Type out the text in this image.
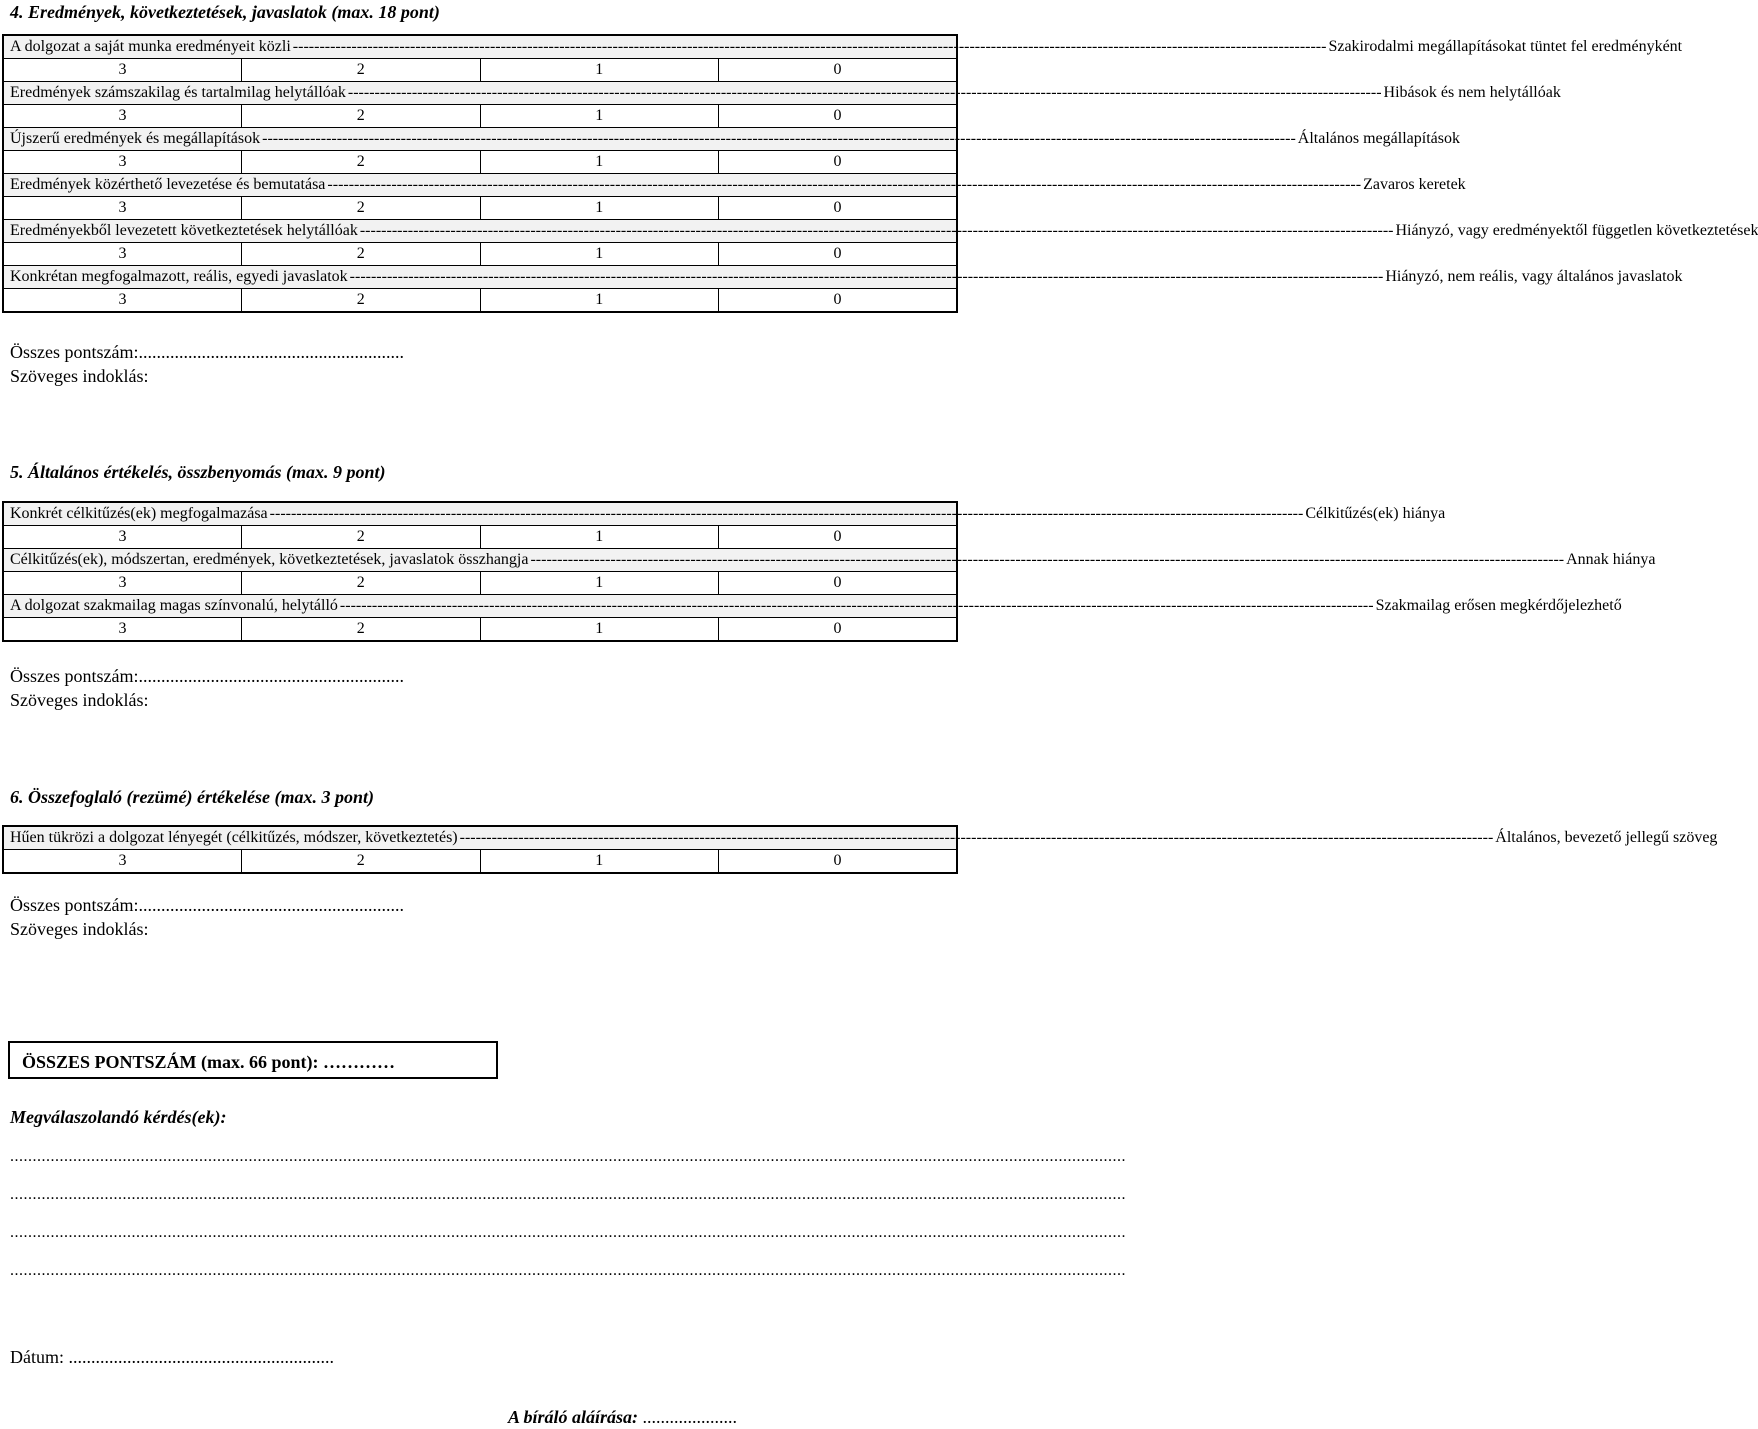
4. Eredmények, következtetések, javaslatok (max. 18 pont)
A dolgozat a saját munka eredményeit közli ----- Szakirodalmi megállapításokat tüntet fel eredményként

3	2	1	0

Eredmények számszakilag és tartalmilag helytállóak ----- Hibások és nem helytállóak

3	2	1	0

Újszerű eredmények és megállapítások ----- Általános megállapítások

3	2	1	0

Eredmények közérthető levezetése és bemutatása ----- Zavaros keretek

3	2	1	0

Eredményekből levezetett következtetések helytállóak ----- Hiányzó, vagy eredményektől független következtetések

3	2	1	0

Konkrétan megfogalmazott, reális, egyedi javaslatok ----- Hiányzó, nem reális, vagy általános javaslatok

3	2	1	0
Összes pontszám:...........................................................
Szöveges indoklás:
5. Általános értékelés, összbenyomás (max. 9 pont)
Konkrét célkitűzés(ek) megfogalmazása ----- Célkitűzés(ek) hiánya

3	2	1	0

Célkitűzés(ek), módszertan, eredmények, következtetések, javaslatok összhangja ----- Annak hiánya

3	2	1	0

A dolgozat szakmailag magas színvonalú, helytálló ----- Szakmailag erősen megkérdőjelezhető

3	2	1	0
Összes pontszám:...........................................................
Szöveges indoklás:
6. Összefoglaló (rezümé) értékelése (max. 3 pont)
Hűen tükrözi a dolgozat lényegét (célkitűzés, módszer, következtetés) -----	Általános, bevezető jellegű szöveg

3	2	1	0
Összes pontszám:...........................................................
Szöveges indoklás:
ÖSSZES PONTSZÁM (max. 66 pont): …………
Megválaszolandó kérdés(ek):
........................................................................................................................................................................................................................................................
........................................................................................................................................................................................................................................................
........................................................................................................................................................................................................................................................
........................................................................................................................................................................................................................................................
Dátum: ...........................................................
A bíráló aláírása: .....................
